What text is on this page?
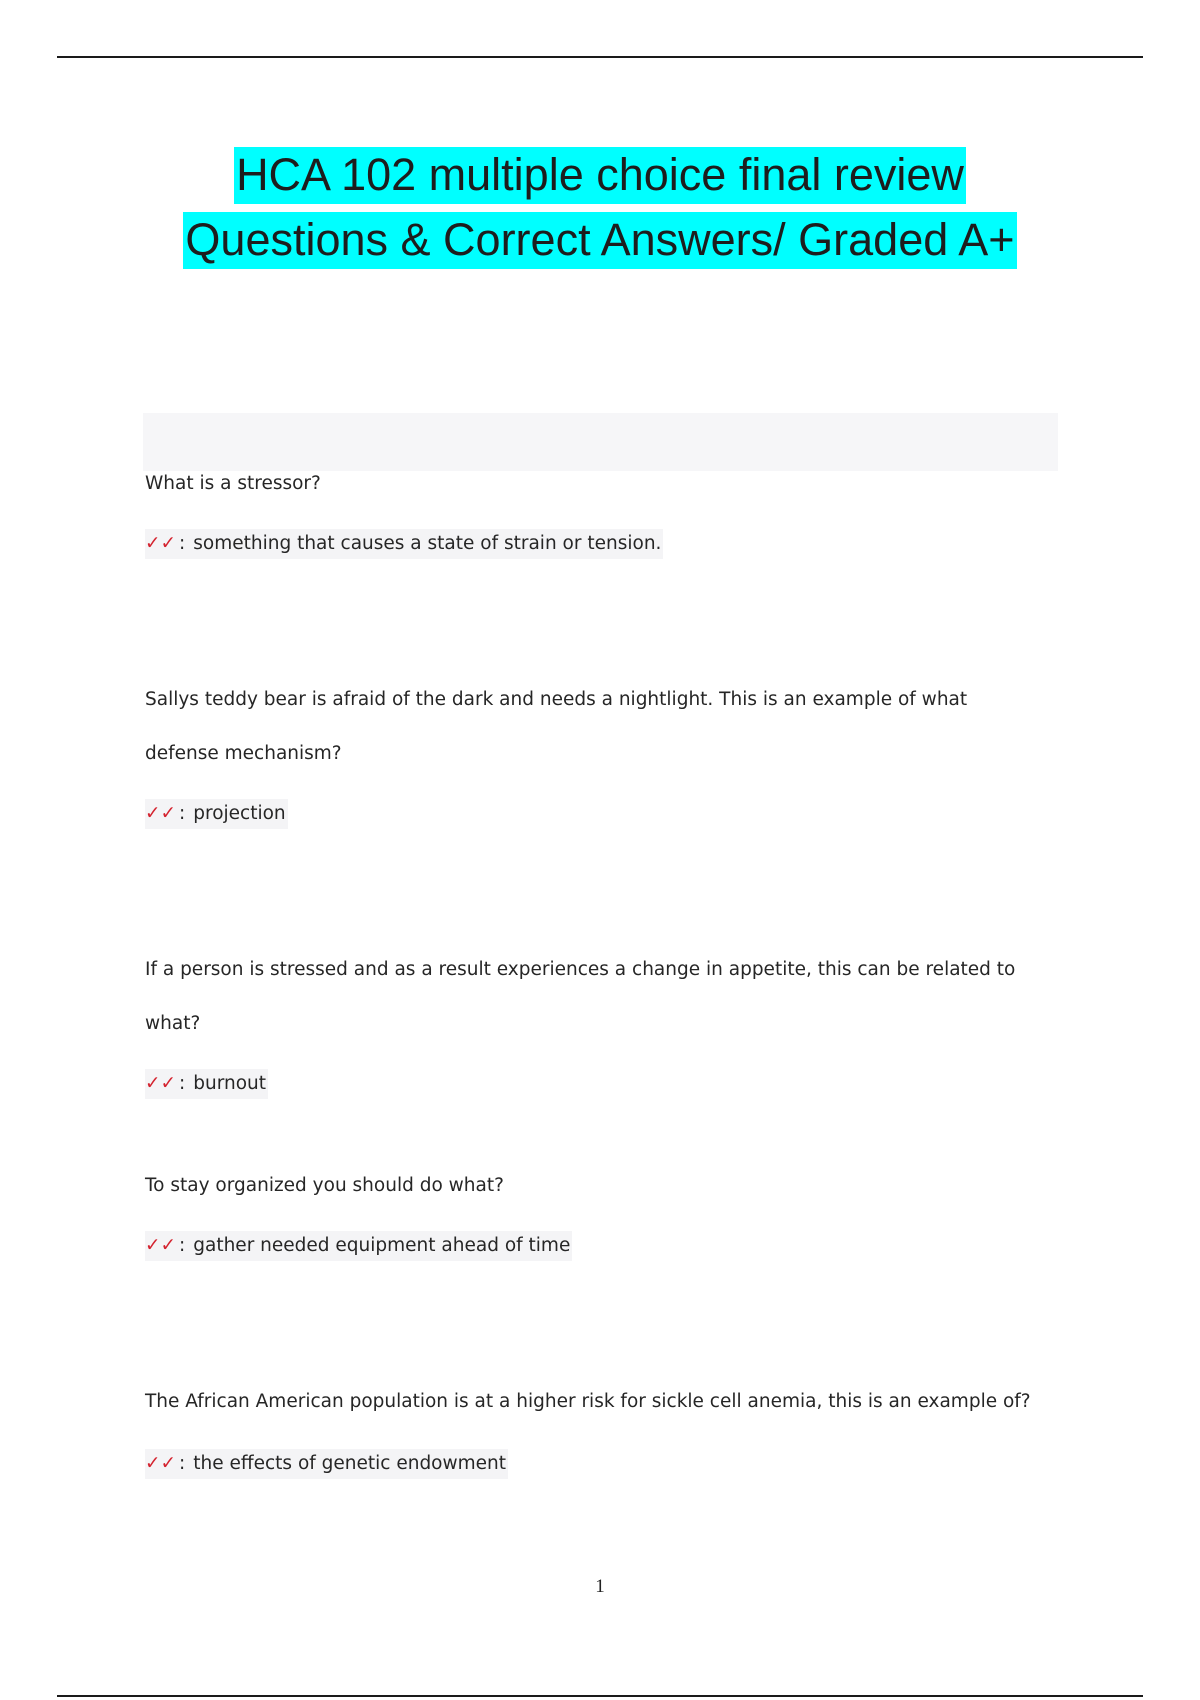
HCA 102 multiple choice final review
Questions & Correct Answers/ Graded A+

What is a stressor?

✓✓ : something that causes a state of strain or tension.

Sallys teddy bear is afraid of the dark and needs a nightlight. This is an example of what defense mechanism?

✓✓ : projection

If a person is stressed and as a result experiences a change in appetite, this can be related to what?

✓✓ : burnout

To stay organized you should do what?

✓✓ : gather needed equipment ahead of time

The African American population is at a higher risk for sickle cell anemia, this is an example of?

✓✓ : the effects of genetic endowment
1
